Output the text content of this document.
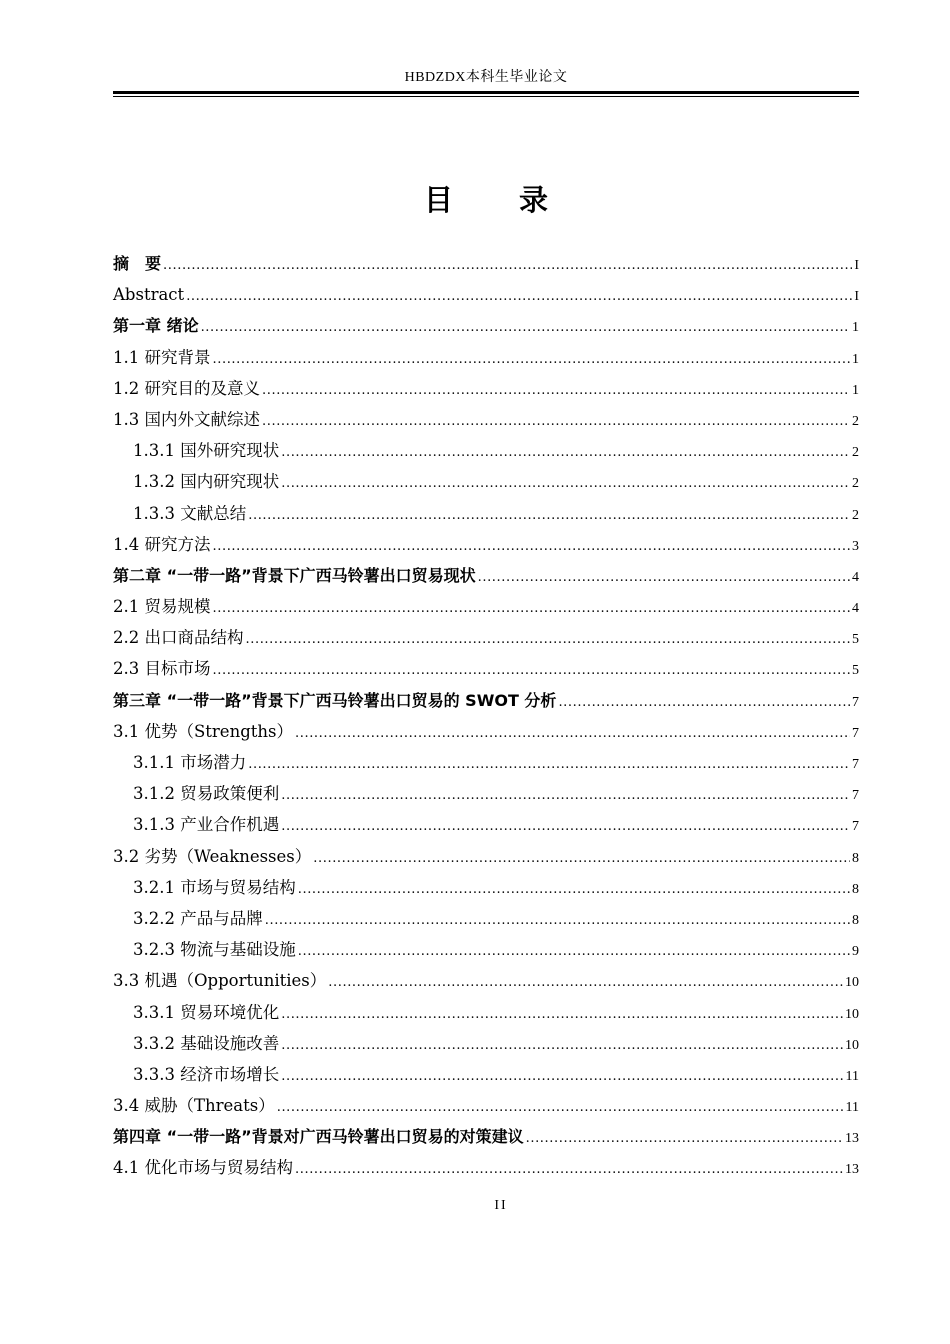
HBDZDX本科生毕业论文
目 录
摘　要 .....	I
Abstract .....	I
第一章 绪论 .....	1
1.1 研究背景 .....	1
1.2 研究目的及意义 .....	1
1.3 国内外文献综述 .....	2
1.3.1 国外研究现状 .....	2
1.3.2 国内研究现状 .....	2
1.3.3 文献总结 .....	2
1.4 研究方法 .....	3
第二章 “一带一路”背景下广西马铃薯出口贸易现状 .....	4
2.1 贸易规模 .....	4
2.2 出口商品结构 .....	5
2.3 目标市场 .....	5
第三章 “一带一路”背景下广西马铃薯出口贸易的 SWOT 分析 .....	7
3.1 优势（Strengths） .....	7
3.1.1 市场潜力 .....	7
3.1.2 贸易政策便利 .....	7
3.1.3 产业合作机遇 .....	7
3.2 劣势（Weaknesses） .....	8
3.2.1 市场与贸易结构 .....	8
3.2.2 产品与品牌 .....	8
3.2.3 物流与基础设施 .....	9
3.3 机遇（Opportunities） .....	10
3.3.1 贸易环境优化 .....	10
3.3.2 基础设施改善 .....	10
3.3.3 经济市场增长 .....	11
3.4 威胁（Threats） .....	11
第四章 “一带一路”背景对广西马铃薯出口贸易的对策建议 .....	13
4.1 优化市场与贸易结构 .....	13
II
